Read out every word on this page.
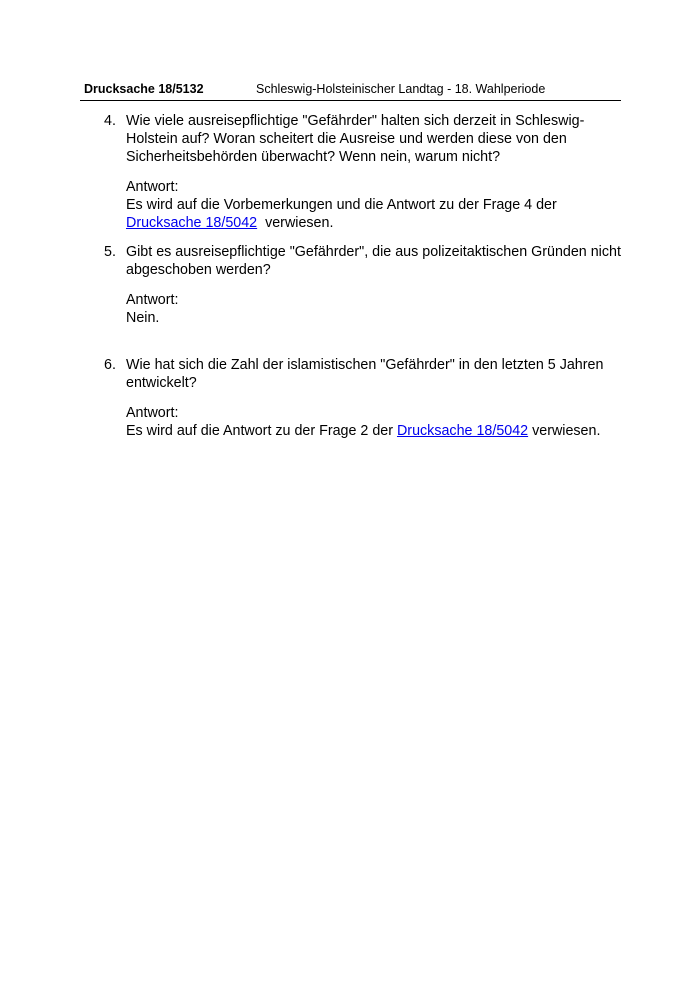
Drucksache 18/5132	Schleswig-Holsteinischer Landtag - 18. Wahlperiode
4. Wie viele ausreisepflichtige "Gefährder" halten sich derzeit in Schleswig-
Holstein auf? Woran scheitert die Ausreise und werden diese von den
Sicherheitsbehörden überwacht? Wenn nein, warum nicht?
Antwort:
Es wird auf die Vorbemerkungen und die Antwort zu der Frage 4 der
Drucksache 18/5042  verwiesen.
5. Gibt es ausreisepflichtige "Gefährder", die aus polizeitaktischen Gründen nicht
abgeschoben werden?
Antwort:
Nein.
6. Wie hat sich die Zahl der islamistischen "Gefährder" in den letzten 5 Jahren
entwickelt?
Antwort:
Es wird auf die Antwort zu der Frage 2 der Drucksache 18/5042 verwiesen.
